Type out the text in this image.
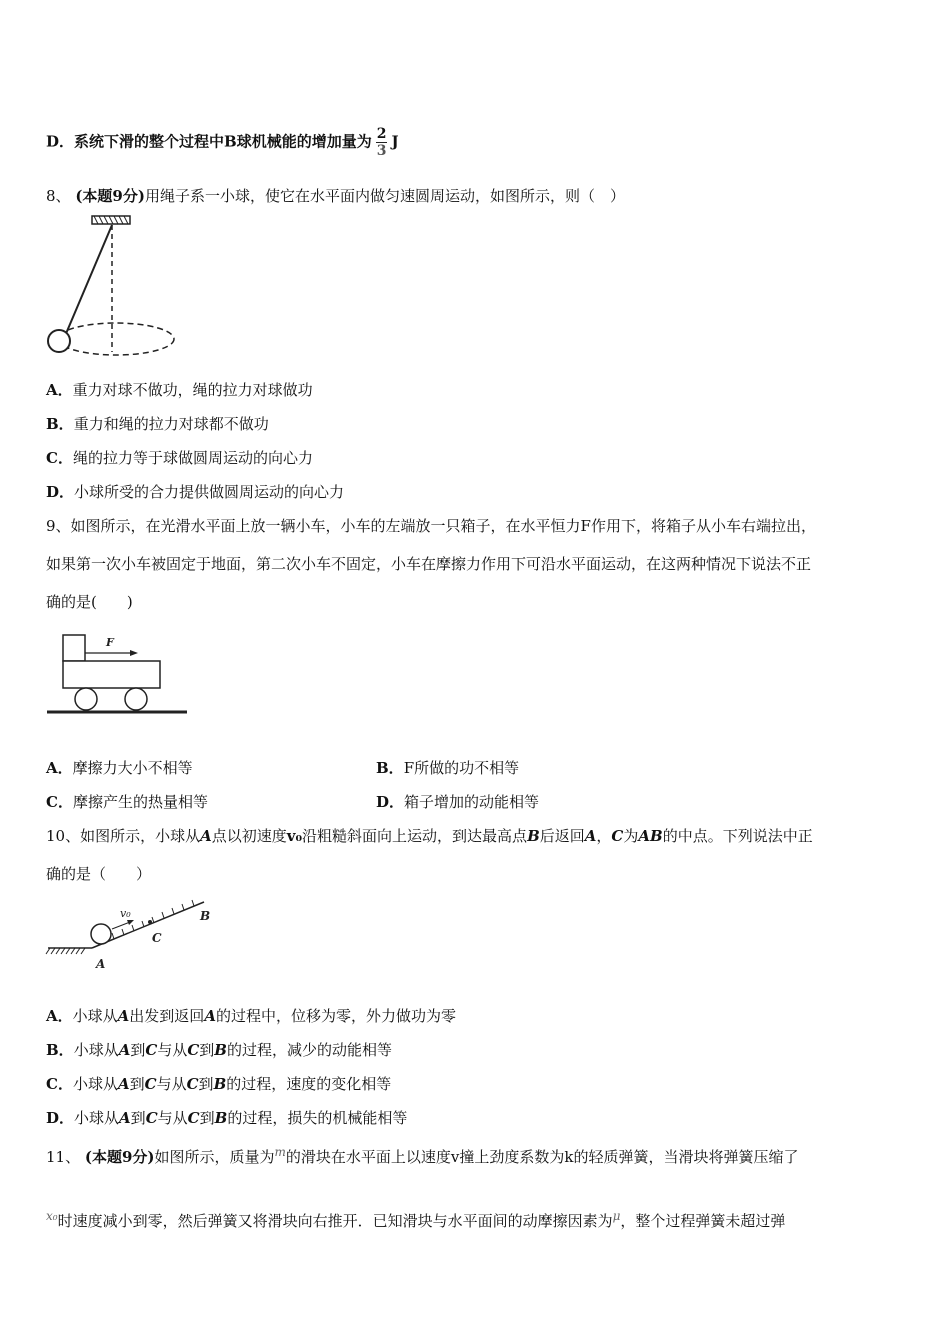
D．系统下滑的整个过程中B球机械能的增加量为 $\frac{2}{3}$ J
8、 (本题9分)用绳子系一小球，使它在水平面内做匀速圆周运动，如图所示，则（　）
A．重力对球不做功，绳的拉力对球做功
B．重力和绳的拉力对球都不做功
C．绳的拉力等于球做圆周运动的向心力
D．小球所受的合力提供做圆周运动的向心力
9、如图所示，在光滑水平面上放一辆小车，小车的左端放一只箱子，在水平恒力F作用下，将箱子从小车右端拉出，
如果第一次小车被固定于地面，第二次小车不固定，小车在摩擦力作用下可沿水平面运动，在这两种情况下说法不正
确的是(　　)
F
A．摩擦力大小不相等	B．F所做的功不相等
C．摩擦产生的热量相等	D．箱子增加的动能相等
10、如图所示，小球从A点以初速度v₀沿粗糙斜面向上运动，到达最高点B后返回A，C为AB的中点。下列说法中正
确的是（　　）
v₀
A
B
C
A．小球从A出发到返回A的过程中，位移为零，外力做功为零
B．小球从A到C与从C到B的过程，减少的动能相等
C．小球从A到C与从C到B的过程，速度的变化相等
D．小球从A到C与从C到B的过程，损失的机械能相等
11、 (本题9分)如图所示，质量为$^m$的滑块在水平面上以速度v撞上劲度系数为k的轻质弹簧，当滑块将弹簧压缩了
$^{x_0}$时速度减小到零，然后弹簧又将滑块向右推开．已知滑块与水平面间的动摩擦因素为$^\mu$，整个过程弹簧未超过弹
